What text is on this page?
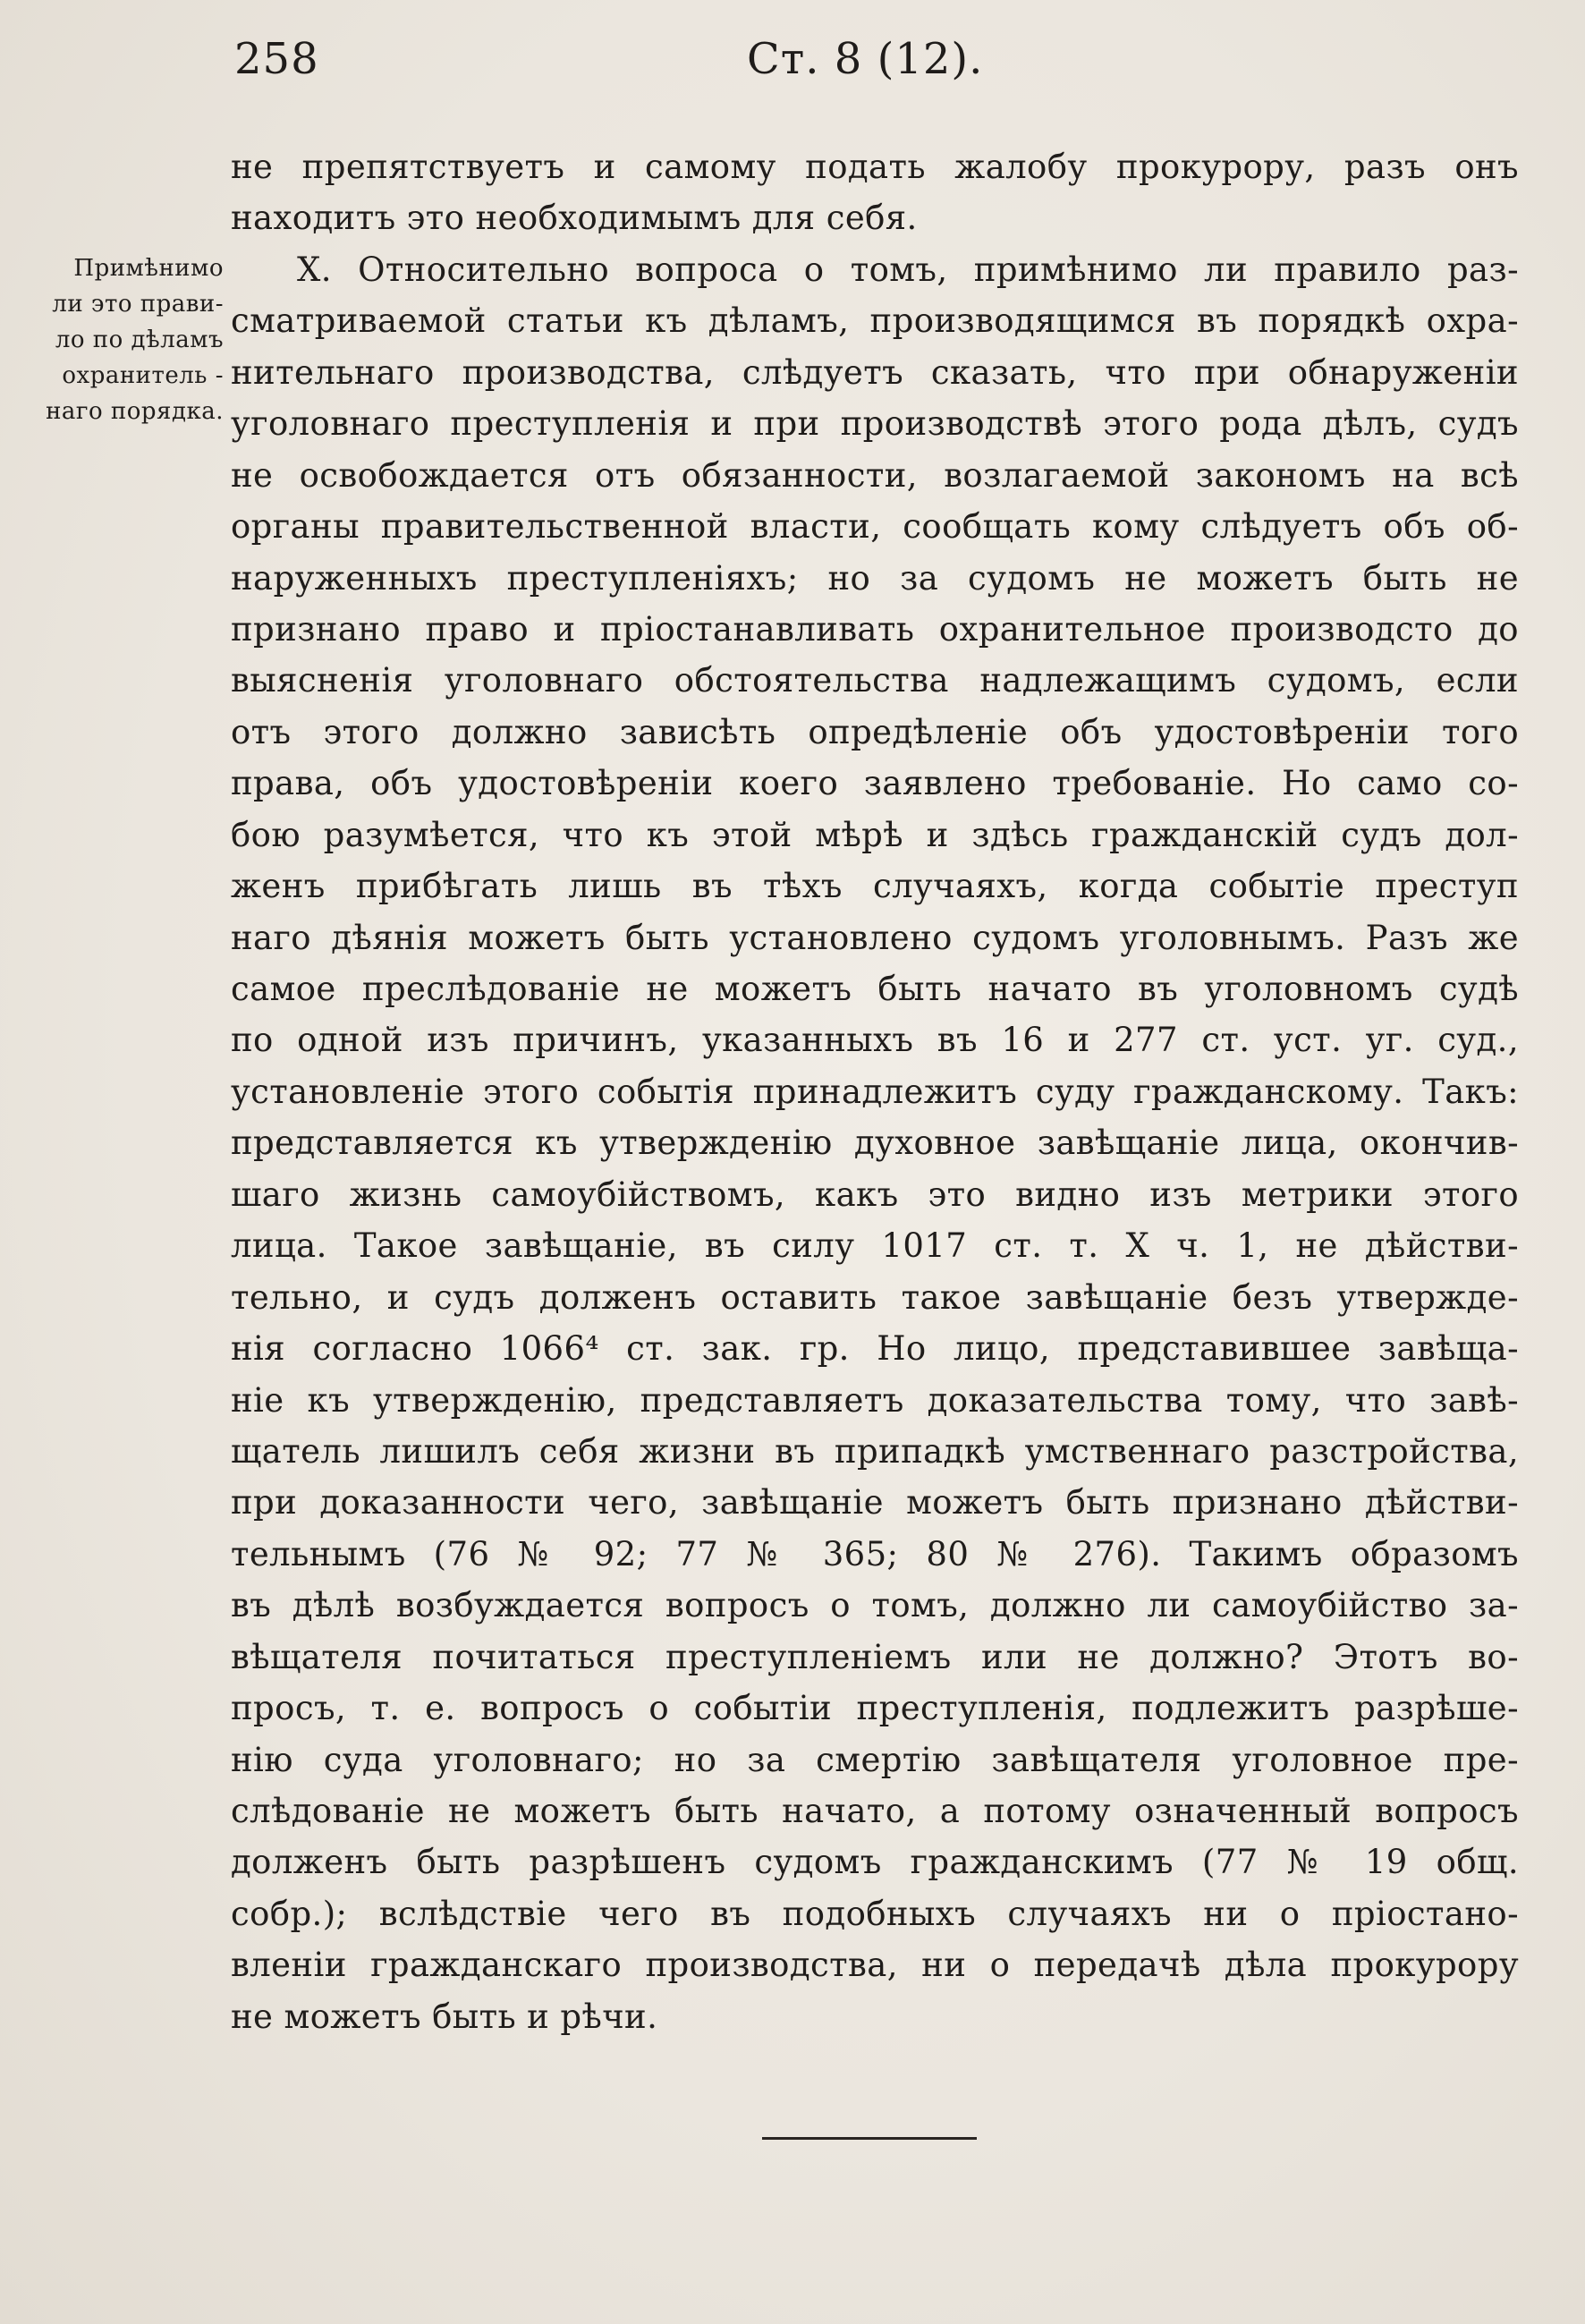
258	Ст. 8 (12).
Примѣнимо
ли это прави-
ло по дѣламъ
охранитель -
наго порядка.
не препятствуетъ и самому подать жалобу прокурору, разъ онъ
находитъ это необходимымъ для себя.
X. Относительно вопроса о томъ, примѣнимо ли правило раз-
сматриваемой статьи къ дѣламъ, производящимся въ порядкѣ охра-
нительнаго производства, слѣдуетъ сказать, что при обнаруженіи
уголовнаго преступленія и при производствѣ этого рода дѣлъ, судъ
не освобождается отъ обязанности, возлагаемой закономъ на всѣ
органы правительственной власти, сообщать кому слѣдуетъ объ об-
наруженныхъ преступленіяхъ; но за судомъ не можетъ быть не
признано право и пріостанавливать охранительное производсто до
выясненія уголовнаго обстоятельства надлежащимъ судомъ, если
отъ этого должно зависѣть опредѣленіе объ удостовѣреніи того
права, объ удостовѣреніи коего заявлено требованіе. Но само со-
бою разумѣется, что къ этой мѣрѣ и здѣсь гражданскій судъ дол-
женъ прибѣгать лишь въ тѣхъ случаяхъ, когда событіе преступ
наго дѣянія можетъ быть установлено судомъ уголовнымъ. Разъ же
самое преслѣдованіе не можетъ быть начато въ уголовномъ судѣ
по одной изъ причинъ, указанныхъ въ 16 и 277 ст. уст. уг. суд.,
установленіе этого событія принадлежитъ суду гражданскому. Такъ:
представляется къ утвержденію духовное завѣщаніе лица, окончив-
шаго жизнь самоубійствомъ, какъ это видно изъ метрики этого
лица. Такое завѣщаніе, въ силу 1017 ст. т. X ч. 1, не дѣйстви-
тельно, и судъ долженъ оставить такое завѣщаніе безъ утвержде-
нія согласно 1066⁴ ст. зак. гр. Но лицо, представившее завѣща-
ніе къ утвержденію, представляетъ доказательства тому, что завѣ-
щатель лишилъ себя жизни въ припадкѣ умственнаго разстройства,
при доказанности чего, завѣщаніе можетъ быть признано дѣйстви-
тельнымъ (76 № 92; 77 № 365; 80 № 276). Такимъ образомъ
въ дѣлѣ возбуждается вопросъ о томъ, должно ли самоубійство за-
вѣщателя почитаться преступленіемъ или не должно? Этотъ во-
просъ, т. е. вопросъ о событіи преступленія, подлежитъ разрѣше-
нію суда уголовнаго; но за смертію завѣщателя уголовное пре-
слѣдованіе не можетъ быть начато, а потому означенный вопросъ
долженъ быть разрѣшенъ судомъ гражданскимъ (77 № 19 общ.
собр.); вслѣдствіе чего въ подобныхъ случаяхъ ни о пріостано-
вленіи гражданскаго производства, ни о передачѣ дѣла прокурору
не можетъ быть и рѣчи.
